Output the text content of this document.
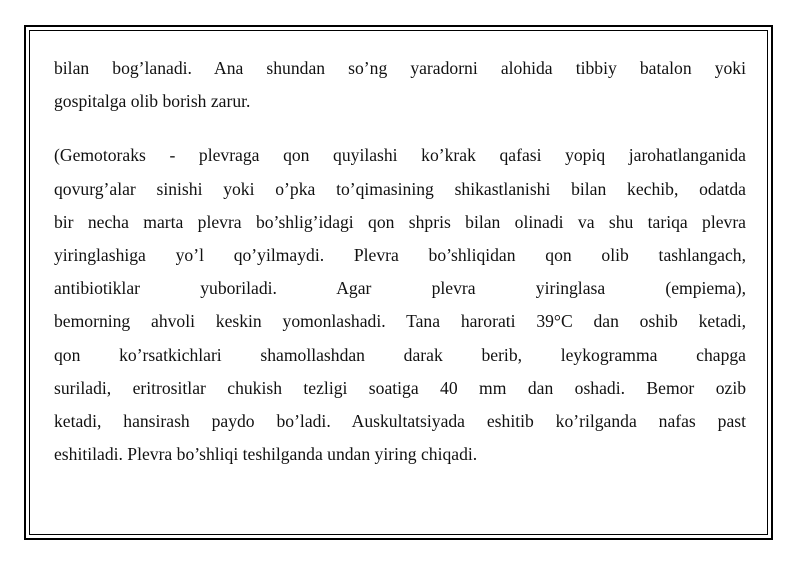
bilan bog’lanadi. Ana shundan so’ng yaradorni alohida tibbiy batalon yoki
gospitalga olib borish zarur.
(Gemotoraks - plevraga qon quyilashi ko’krak qafasi yopiq jarohatlanganida
qovurg’alar sinishi yoki o’pka to’qimasining shikastlanishi bilan kechib, odatda
bir necha marta plevra bo’shlig’idagi qon shpris bilan olinadi va shu tariqa plevra
yiringlashiga yo’l qo’yilmaydi. Plevra bo’shliqidan qon olib tashlangach,
antibiotiklar yuboriladi. Agar plevra yiringlasa (empiema),
bemorning ahvoli keskin yomonlashadi. Tana harorati 39°C dan oshib ketadi,
qon ko’rsatkichlari shamollashdan darak berib, leykogramma chapga
suriladi, eritrositlar chukish tezligi soatiga 40 mm dan oshadi. Bemor ozib
ketadi, hansirash paydo bo’ladi. Auskultatsiyada eshitib ko’rilganda nafas past
eshitiladi. Plevra bo’shliqi teshilganda undan yiring chiqadi.
